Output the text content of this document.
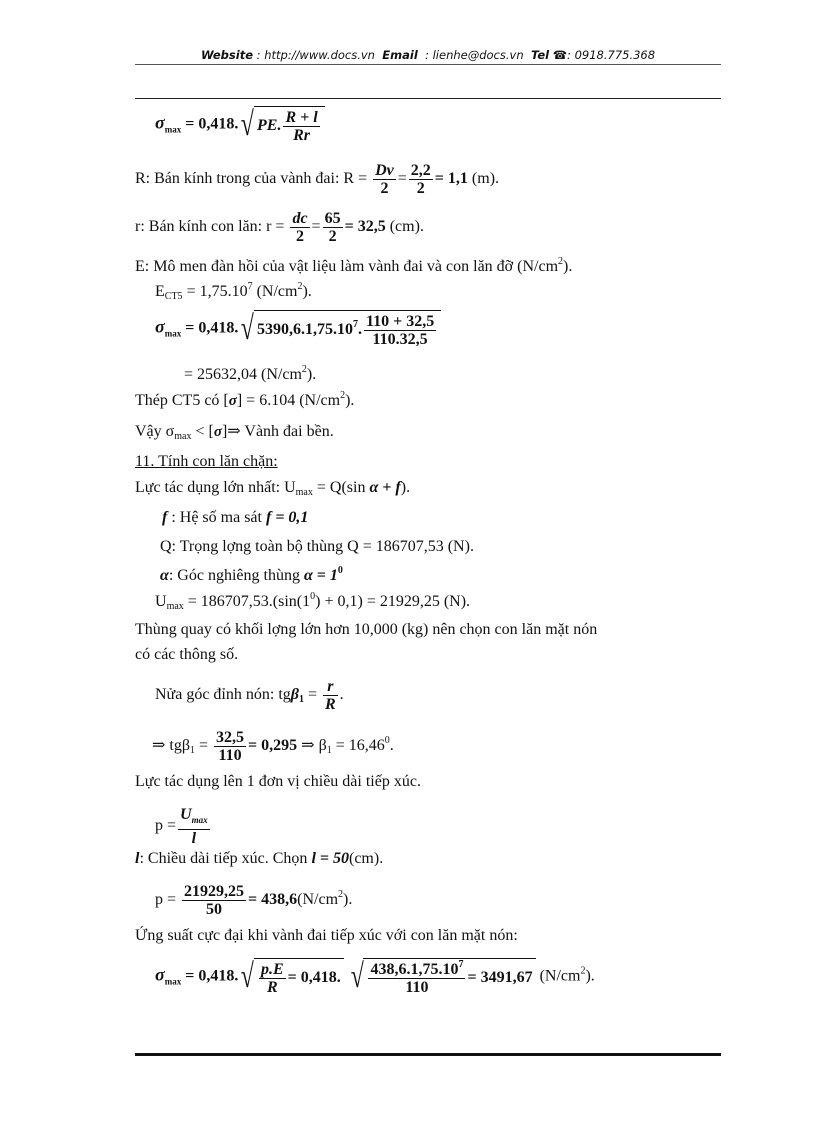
Website : http://www.docs.vn Email : lienhe@docs.vn Tel ☎: 0918.775.368
$\sigma_{max} = 0,418.√$ PE. $\frac{R + l}{Rr}$
R: Bán kính trong của vành đai: $R = \frac{Dv}{2} = \frac{2,2}{2} = 1,1$ (m).
r: Bán kính con lăn: $r = \frac{dc}{2} = \frac{65}{2} = 32,5$ (cm).
E: Mô men đàn hồi của vật liệu làm vành đai và con lăn đỡ $(N/cm^2)$.
$E_{CT5} = 1,75.10^7$ $(N/cm^2)$.
$\sigma_{max} = 0,418.√$ 5390,6.1,75.10$^7$. $\frac{110 + 32,5}{110.32,5}$
= 25632,04 $(N/cm^2)$.
Thép CT5 có [σ] = 6.104 $(N/cm^2)$.
Vậy $\sigma_{max}$ < [σ]⇒ Vành đai bền.
11. Tính con lăn chặn:
Lực tác dụng lớn nhất: $U_{max} = Q(\sin$ α + f).
f : Hệ số ma sát f = 0,1
Q: Trọng lợng toàn bộ thùng Q = 186707,53 (N).
α: Góc nghiêng thùng $\alpha = 1^0$
$U_{max} = 186707,53.(\sin(1^0) + 0,1) = 21929,25$ (N).
Thùng quay có khối lợng lớn hơn 10,000 (kg) nên chọn con lăn mặt nón
có các thông số.
Nửa góc đỉnh nón: $tg\beta_1 = \frac{r}{R}$ .
⇒ $tg\beta_1 = \frac{32,5}{110} = 0,295$ ⇒ $\beta_1 = 16,46^0$.
Lực tác dụng lên 1 đơn vị chiều dài tiếp xúc.
$p = \frac{U_{max}}{l}$
l: Chiều dài tiếp xúc. Chọn l = 50(cm).
$p = \frac{21929,25}{50} = 438,6(N/cm^2)$.
Ứng suất cực đại khi vành đai tiếp xúc với con lăn mặt nón:
$\sigma_{max} = 0,418.√ \frac{p.E}{R} = 0,418$. √ $\frac{438,6.1,75.10^7}{110} = 3491,67$ $(N/cm^2)$.
